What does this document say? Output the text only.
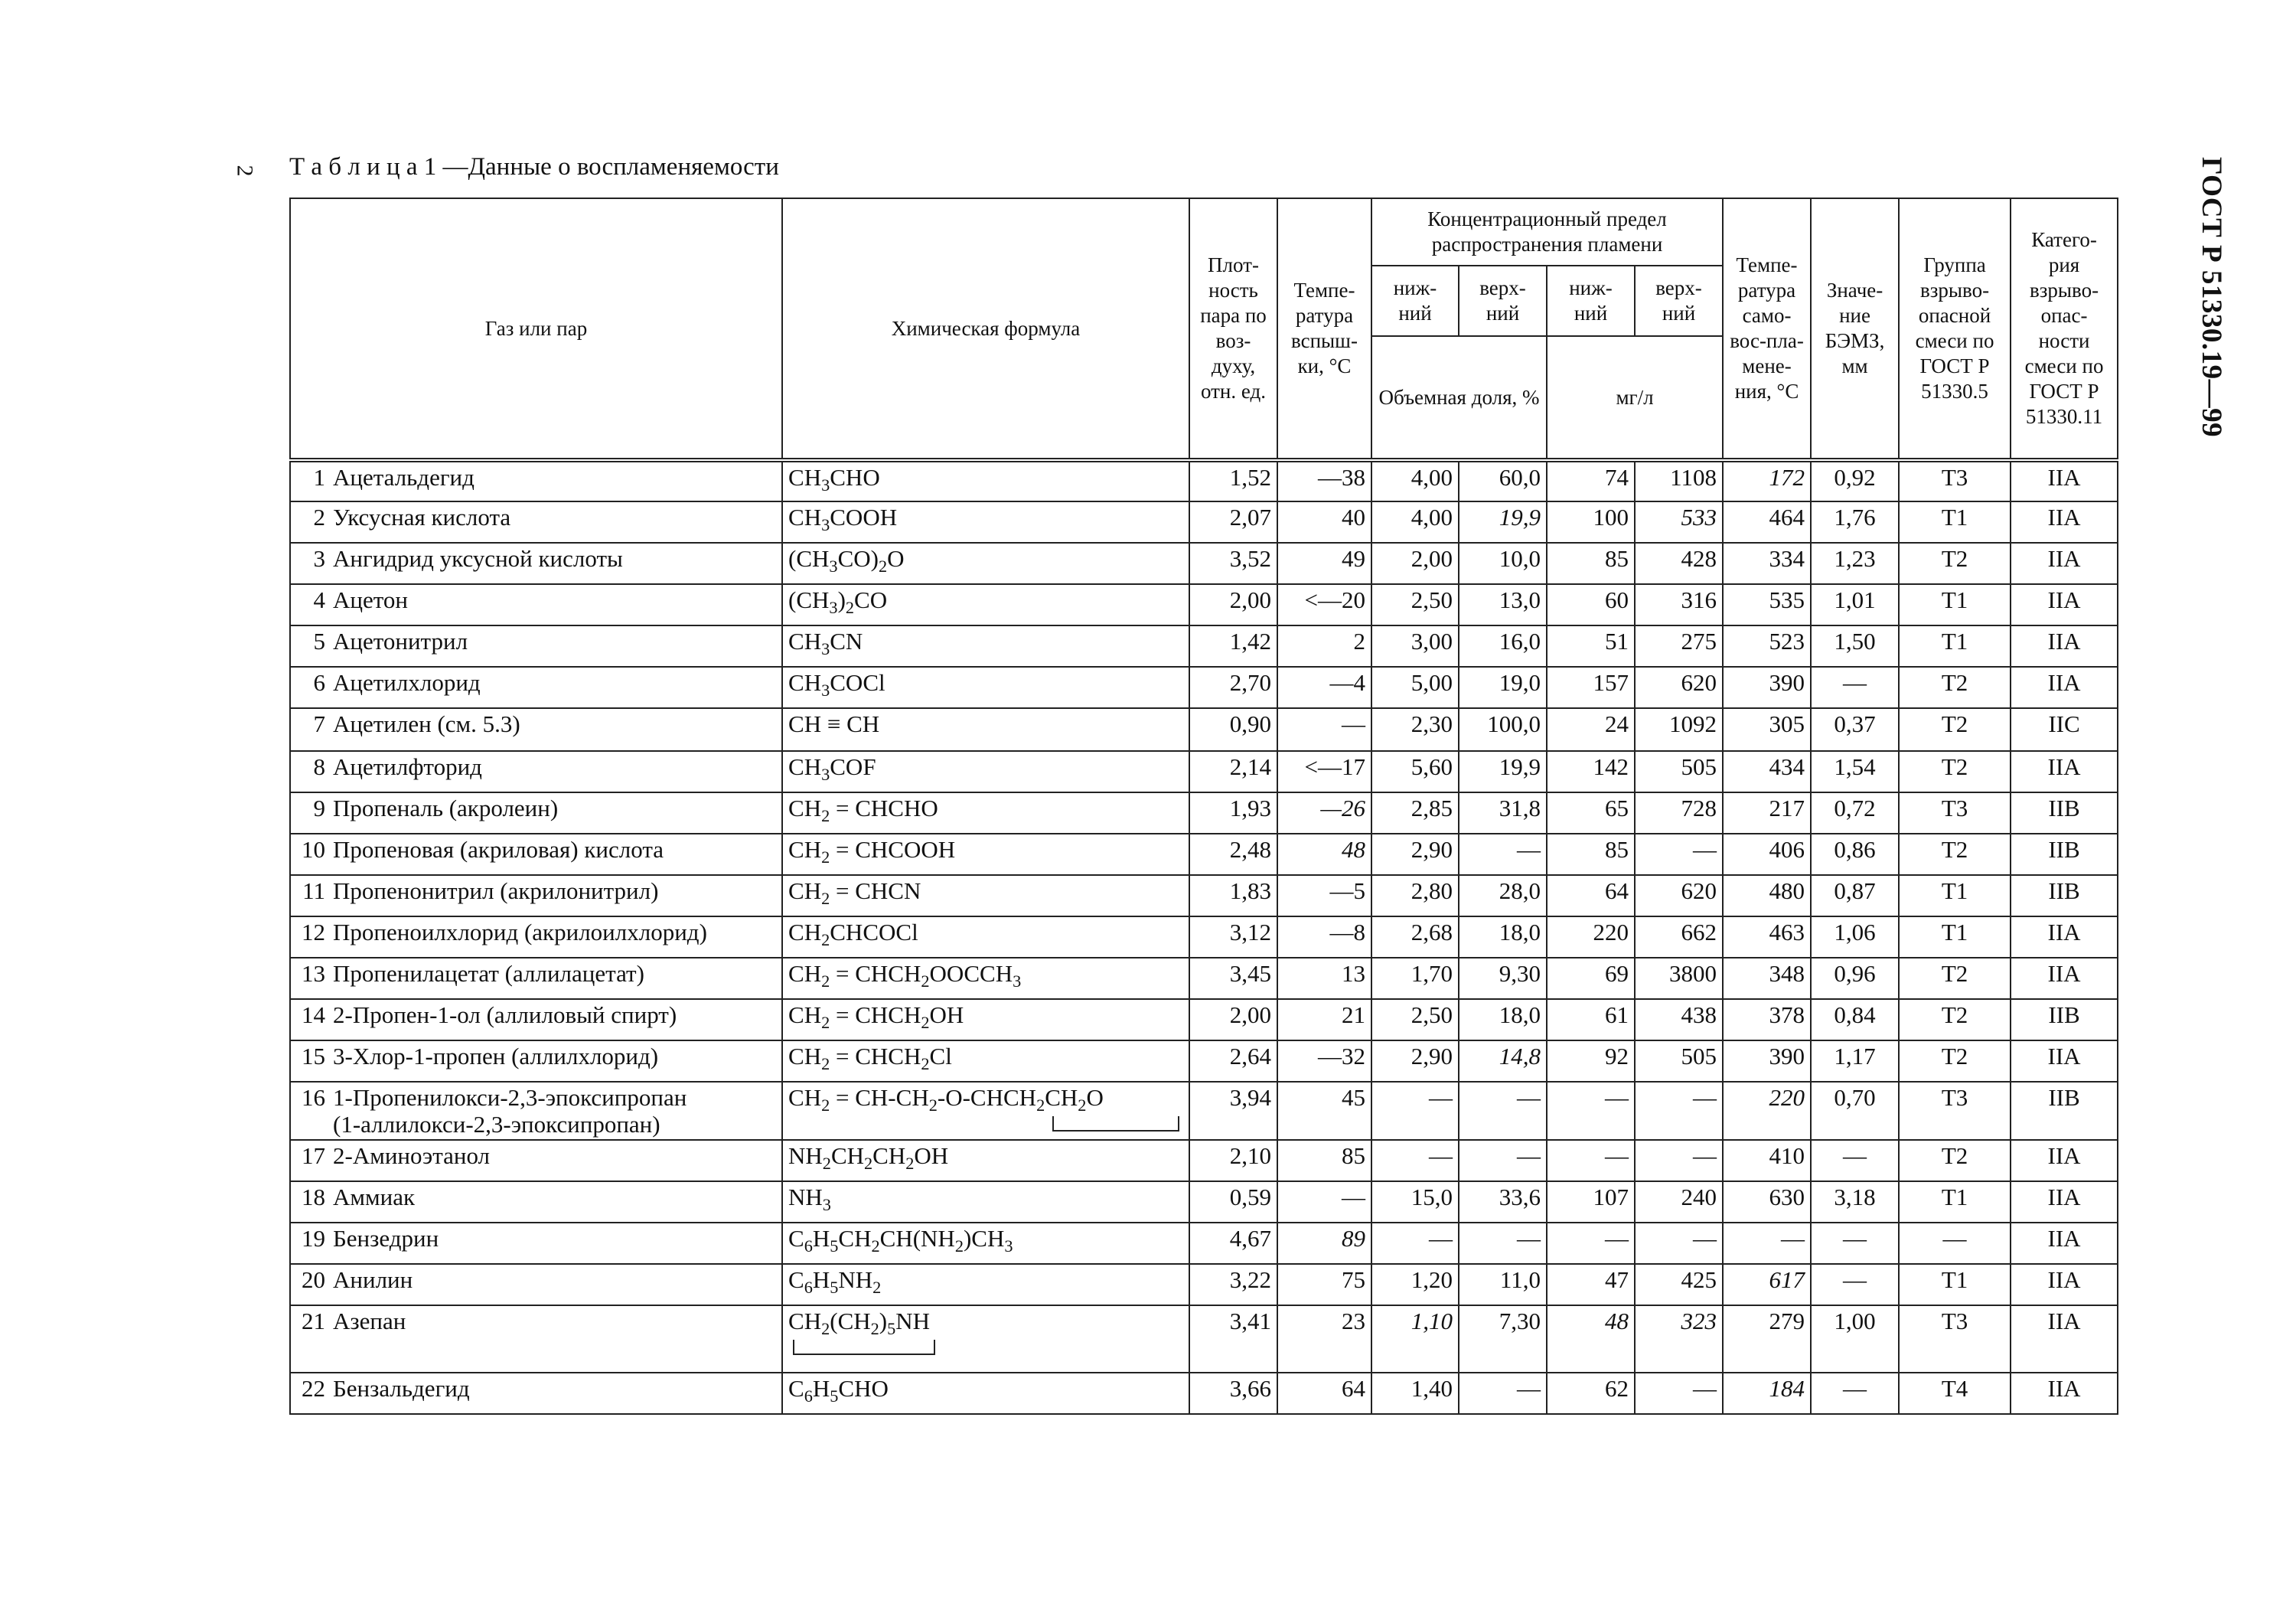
2 Т а б л и ц а 1 —Данные о воспламеняемости	ГОСТ Р 51330.19—99
Газ или пар	Химическая формула	Плот-ность пара по воз-духу, отн. ед.	Темпе-ратура вспыш-ки, °С	Концентрационный предел распространения пламени				Темпе-ратура само-вос-пла-мене-ния, °С	Значе-ние БЭМЗ, мм	Группа взрыво-опасной смеси по ГОСТ Р 51330.5	Катего-рия взрыво-опас-ности смеси по ГОСТ Р 51330.11
				ниж-ний	верх-ний	ниж-ний	верх-ний				
				Объемная доля, %		мг/л					
1 Ацетальдегид	$CH_3CHO$	1,52	—38	4,00	60,0	74	1108	172	0,92	Т3	IIA
2 Уксусная кислота	$CH_3COOH$	2,07	40	4,00	19,9	100	533	464	1,76	Т1	IIA
3 Ангидрид уксусной кислоты	$(CH_3CO)_2O$	3,52	49	2,00	10,0	85	428	334	1,23	Т2	IIA
4 Ацетон	$(CH_3)_2CO$	2,00	<—20	2,50	13,0	60	316	535	1,01	Т1	IIA
5 Ацетонитрил	$CH_3CN$	1,42	2	3,00	16,0	51	275	523	1,50	Т1	IIA
6 Ацетилхлорид	$CH_3COCl$	2,70	—4	5,00	19,0	157	620	390	—	Т2	IIA
7 Ацетилен (см. 5.3)	CH ≡ CH	0,90	—	2,30	100,0	24	1092	305	0,37	Т2	IIC
8 Ацетилфторид	$CH_3COF$	2,14	<—17	5,60	19,9	142	505	434	1,54	Т2	IIA
9 Пропеналь (акролеин)	$CH_2$ = CHCHO	1,93	—26	2,85	31,8	65	728	217	0,72	Т3	IIB
10 Пропеновая (акриловая) кислота	$CH_2$ = CHCOOH	2,48	48	2,90	—	85	—	406	0,86	Т2	IIB
11 Пропенонитрил (акрилонитрил)	$CH_2$ = CHCN	1,83	—5	2,80	28,0	64	620	480	0,87	Т1	IIB
12 Пропеноилхлорид (акрилоилхлорид)	$CH_2CHCOCl$	3,12	—8	2,68	18,0	220	662	463	1,06	Т1	IIA
13 Пропенилацетат (аллилацетат)	$CH_2$ = $CHCH_2OOCCH_3$	3,45	13	1,70	9,30	69	3800	348	0,96	Т2	IIA
14 2-Пропен-1-ол (аллиловый спирт)	$CH_2$ = $CHCH_2OH$	2,00	21	2,50	18,0	61	438	378	0,84	Т2	IIB
15 3-Хлор-1-пропен (аллилхлорид)	$CH_2$ = $CHCH_2Cl$	2,64	—32	2,90	14,8	92	505	390	1,17	Т2	IIA
16 1-Пропенилокси-2,3-эпоксипропан
(1-аллилокси-2,3-эпоксипропан)	$CH_2$ = $CH-CH_2-O-CHCH_2CH_2O$	3,94	45	—	—	—	—	220	0,70	Т3	IIB
17 2-Аминоэтанол	$NH_2CH_2CH_2OH$	2,10	85	—	—	—	—	410	—	Т2	IIA
18 Аммиак	$NH_3$	0,59	—	15,0	33,6	107	240	630	3,18	Т1	IIA
19 Бензедрин	$C_6H_5CH_2CH(NH_2)CH_3$	4,67	89	—	—	—	—	—	—	—	IIA
20 Анилин	$C_6H_5NH_2$	3,22	75	1,20	11,0	47	425	617	—	Т1	IIA
21 Азепан	$CH_2(CH_2)_5NH$	3,41	23	1,10	7,30	48	323	279	1,00	Т3	IIA
22 Бензальдегид	$C_6H_5CHO$	3,66	64	1,40	—	62	—	184	—	Т4	IIA
